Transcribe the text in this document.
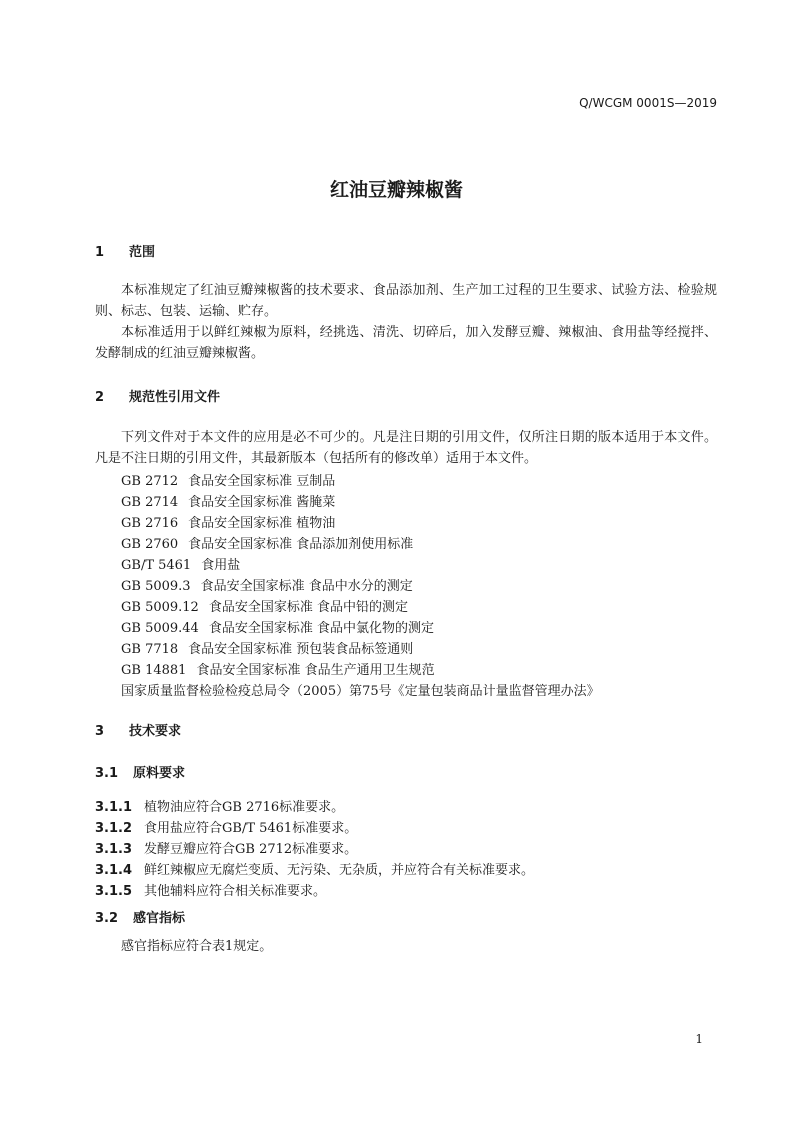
Q/WCGM 0001S—2019
红油豆瓣辣椒酱
1 范围
本标准规定了红油豆瓣辣椒酱的技术要求、食品添加剂、生产加工过程的卫生要求、试验方法、检验规则、标志、包装、运输、贮存。
本标准适用于以鲜红辣椒为原料，经挑选、清洗、切碎后，加入发酵豆瓣、辣椒油、食用盐等经搅拌、发酵制成的红油豆瓣辣椒酱。
2 规范性引用文件
下列文件对于本文件的应用是必不可少的。凡是注日期的引用文件，仅所注日期的版本适用于本文件。凡是不注日期的引用文件，其最新版本（包括所有的修改单）适用于本文件。
GB 2712 食品安全国家标准 豆制品
GB 2714 食品安全国家标准 酱腌菜
GB 2716 食品安全国家标准 植物油
GB 2760 食品安全国家标准 食品添加剂使用标准
GB/T 5461 食用盐
GB 5009.3 食品安全国家标准 食品中水分的测定
GB 5009.12 食品安全国家标准 食品中铅的测定
GB 5009.44 食品安全国家标准 食品中氯化物的测定
GB 7718 食品安全国家标准 预包装食品标签通则
GB 14881 食品安全国家标准 食品生产通用卫生规范
国家质量监督检验检疫总局令（2005）第75号《定量包装商品计量监督管理办法》
3 技术要求
3.1 原料要求
3.1.1 植物油应符合GB 2716标准要求。
3.1.2 食用盐应符合GB/T 5461标准要求。
3.1.3 发酵豆瓣应符合GB 2712标准要求。
3.1.4 鲜红辣椒应无腐烂变质、无污染、无杂质，并应符合有关标准要求。
3.1.5 其他辅料应符合相关标准要求。
3.2 感官指标
感官指标应符合表1规定。
1
